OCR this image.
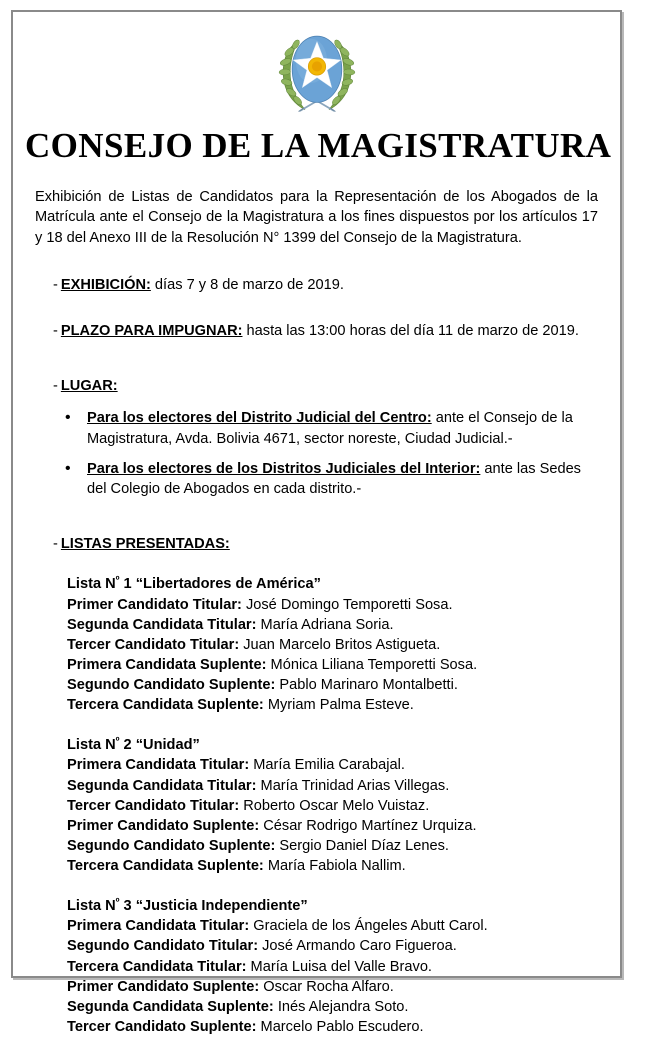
CONSEJO DE LA MAGISTRATURA

Exhibición de Listas de Candidatos para la Representación de los Abogados de la Matrícula ante el Consejo de la Magistratura a los fines dispuestos por los artículos 17 y 18 del Anexo III de la Resolución N° 1399 del Consejo de la Magistratura.

- EXHIBICIÓN: días 7 y 8 de marzo de 2019.
- PLAZO PARA IMPUGNAR: hasta las 13:00 horas del día 11 de marzo de 2019.
- LUGAR:
• Para los electores del Distrito Judicial del Centro: ante el Consejo de la Magistratura, Avda. Bolivia 4671, sector noreste, Ciudad Judicial.-
• Para los electores de los Distritos Judiciales del Interior: ante las Sedes del Colegio de Abogados en cada distrito.-
- LISTAS PRESENTADAS:
Lista $N^º$ 1 “Libertadores de América”
Primer Candidato Titular: José Domingo Temporetti Sosa.
Segunda Candidata Titular: María Adriana Soria.
Tercer Candidato Titular: Juan Marcelo Britos Astigueta.
Primera Candidata Suplente: Mónica Liliana Temporetti Sosa.
Segundo Candidato Suplente: Pablo Marinaro Montalbetti.
Tercera Candidata Suplente: Myriam Palma Esteve.
Lista $N^º$ 2 “Unidad”
Primera Candidata Titular: María Emilia Carabajal.
Segunda Candidata Titular: María Trinidad Arias Villegas.
Tercer Candidato Titular: Roberto Oscar Melo Vuistaz.
Primer Candidato Suplente: César Rodrigo Martínez Urquiza.
Segundo Candidato Suplente: Sergio Daniel Díaz Lenes.
Tercera Candidata Suplente: María Fabiola Nallim.
Lista $N^º$ 3 “Justicia Independiente”
Primera Candidata Titular: Graciela de los Ángeles Abutt Carol.
Segundo Candidato Titular: José Armando Caro Figueroa.
Tercera Candidata Titular: María Luisa del Valle Bravo.
Primer Candidato Suplente: Oscar Rocha Alfaro.
Segunda Candidata Suplente: Inés Alejandra Soto.
Tercer Candidato Suplente: Marcelo Pablo Escudero.
